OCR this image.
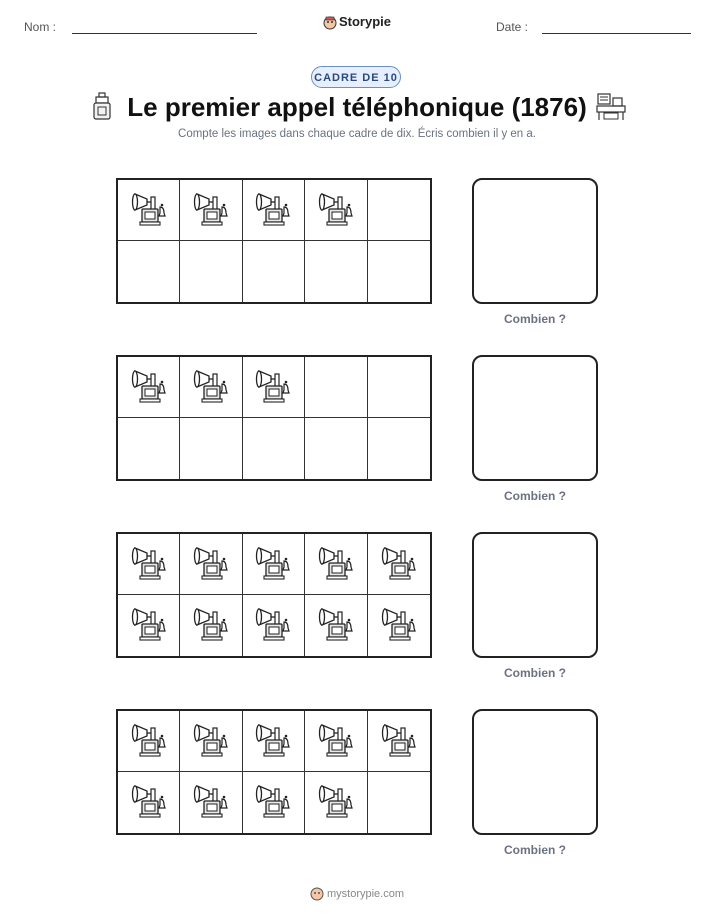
Nom :	Storypie	Date :
CADRE DE 10
Le premier appel téléphonique (1876)
Compte les images dans chaque cadre de dix. Écris combien il y en a.
Combien ?
Combien ?
Combien ?
Combien ?
mystorypie.com
